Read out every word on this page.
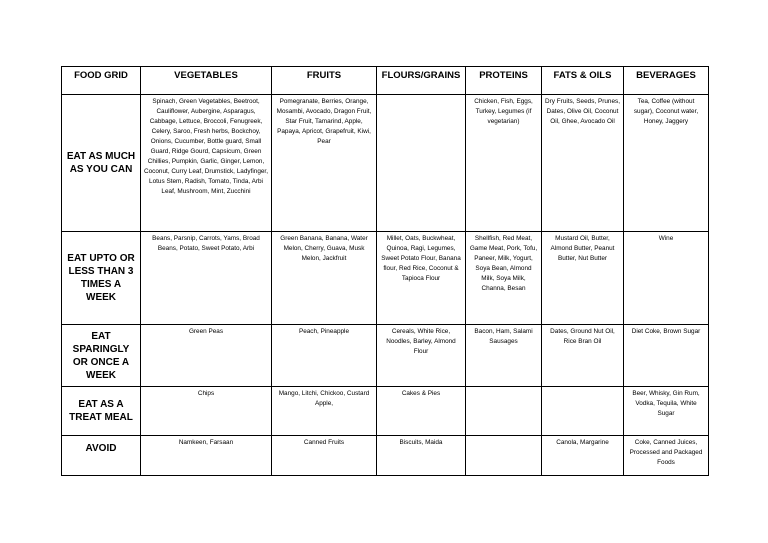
FOOD GRID	VEGETABLES	FRUITS	FLOURS/GRAINS	PROTEINS	FATS & OILS	BEVERAGES
EAT AS MUCH AS YOU CAN	Spinach, Green Vegetables, Beetroot, Cauliflower, Aubergine, Asparagus, Cabbage, Lettuce, Broccoli, Fenugreek, Celery, Saroo, Fresh herbs, Bockchoy, Onions, Cucumber, Bottle guard, Small Guard, Ridge Gourd, Capsicum, Green Chillies, Pumpkin, Garlic, Ginger, Lemon, Coconut, Curry Leaf, Drumstick, Ladyfinger, Lotus Stem, Radish, Tomato, Tinda, Arbi Leaf, Mushroom, Mint, Zucchini	Pomegranate, Berries, Orange, Mosambi, Avocado, Dragon Fruit, Star Fruit, Tamarind, Apple, Papaya, Apricot, Grapefruit, Kiwi, Pear		Chicken, Fish, Eggs, Turkey, Legumes (if vegetarian)	Dry Fruits, Seeds, Prunes, Dates, Olive Oil, Coconut Oil, Ghee, Avocado Oil	Tea, Coffee (without sugar), Coconut water, Honey, Jaggery
EAT UPTO OR LESS THAN 3 TIMES A WEEK	Beans, Parsnip, Carrots, Yams, Broad Beans, Potato, Sweet Potato, Arbi	Green Banana, Banana, Water Melon, Cherry, Guava, Musk Melon, Jackfruit	Millet, Oats, Buckwheat, Quinoa, Ragi, Legumes, Sweet Potato Flour, Banana flour, Red Rice, Coconut & Tapioca Flour	Shellfish, Red Meat, Game Meat, Pork, Tofu, Paneer, Milk, Yogurt, Soya Bean, Almond Milk, Soya Milk, Channa, Besan	Mustard Oil, Butter, Almond Butter, Peanut Butter, Nut Butter	Wine
EAT SPARINGLY OR ONCE A WEEK	Green Peas	Peach, Pineapple	Cereals, White Rice, Noodles, Barley, Almond Flour	Bacon, Ham, Salami Sausages	Dates, Ground Nut Oil, Rice Bran Oil	Diet Coke, Brown Sugar
EAT AS A TREAT MEAL	Chips	Mango, Litchi, Chickoo, Custard Apple,	Cakes & Pies			Beer, Whisky, Gin Rum, Vodka, Tequila, White Sugar
AVOID	Namkeen, Farsaan	Canned Fruits	Biscuits, Maida		Canola, Margarine	Coke, Canned Juices, Processed and Packaged Foods
